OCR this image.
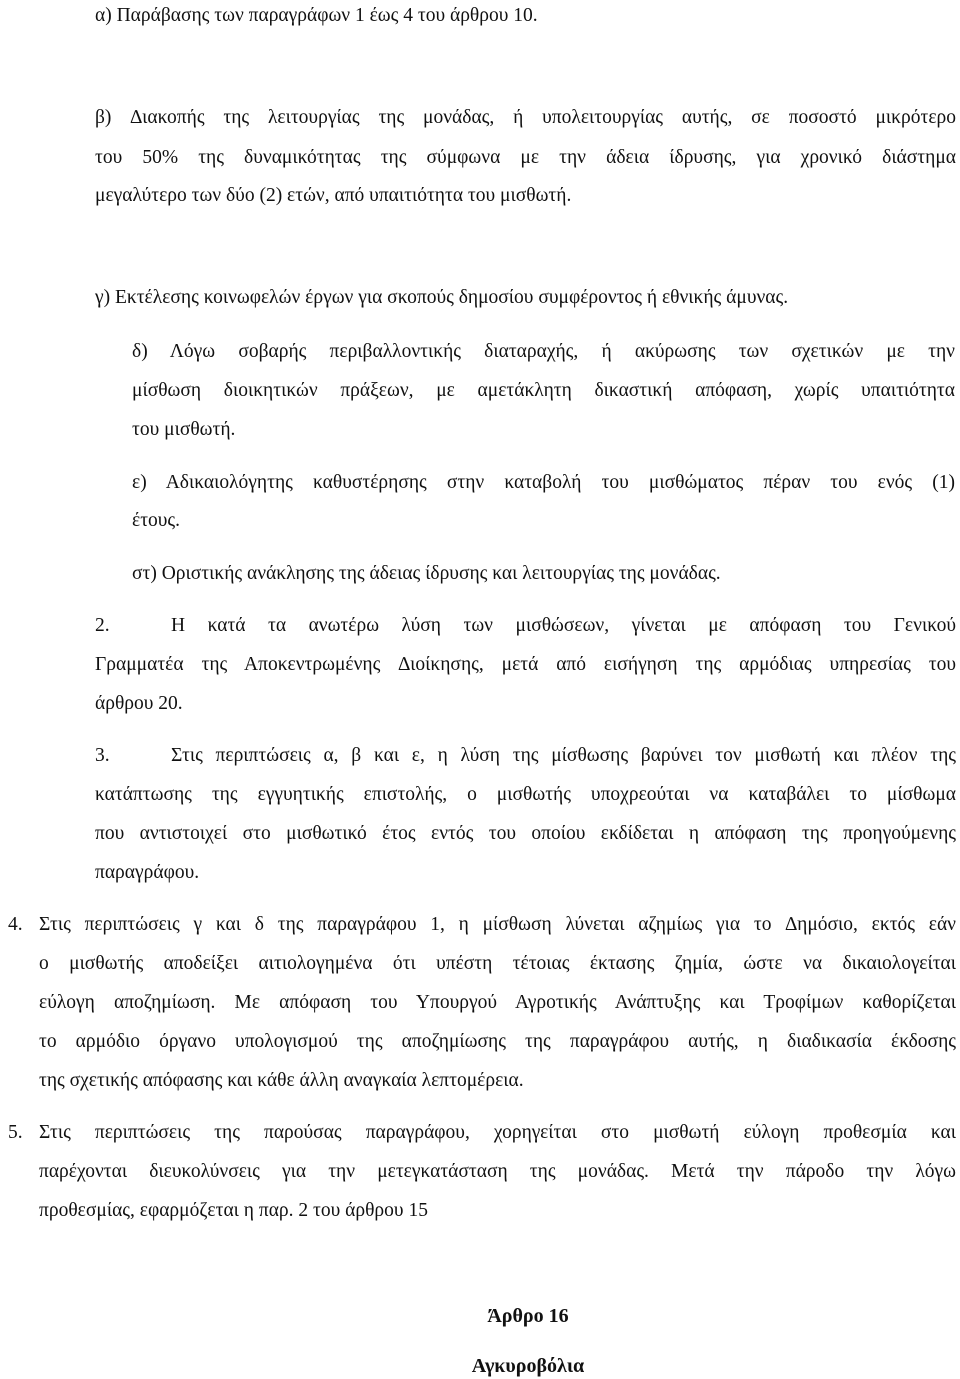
α) Παράβασης των παραγράφων 1 έως 4 του άρθρου 10.
β) ∆ιακοπής της λειτουργίας της μονάδας, ή υπολειτουργίας αυτής, σε ποσοστό μικρότερο
του 50% της δυναμικότητας της σύμφωνα με την άδεια ίδρυσης, για χρονικό διάστημα
μεγαλύτερο των δύο (2) ετών, από υπαιτιότητα του μισθωτή.
γ) Εκτέλεσης κοινωφελών έργων για σκοπούς δημοσίου συμφέροντος ή εθνικής άμυνας.
δ) Λόγω σοβαρής περιβαλλοντικής διαταραχής, ή ακύρωσης των σχετικών με την
μίσθωση διοικητικών πράξεων, με αμετάκλητη δικαστική απόφαση, χωρίς υπαιτιότητα
του μισθωτή.
ε) Αδικαιολόγητης καθυστέρησης στην καταβολή του μισθώματος πέραν του ενός (1)
έτους.
στ) Οριστικής ανάκλησης της άδειας ίδρυσης και λειτουργίας της μονάδας.
2.	Η κατά τα ανωτέρω λύση των μισθώσεων, γίνεται με απόφαση του Γενικού
Γραμματέα της Αποκεντρωμένης ∆ιοίκησης, μετά από εισήγηση της αρμόδιας υπηρεσίας του
άρθρου 20.
3.	Στις περιπτώσεις α, β και ε, η λύση της μίσθωσης βαρύνει τον μισθωτή και πλέον της
κατάπτωσης της εγγυητικής επιστολής, ο μισθωτής υποχρεούται να καταβάλει το μίσθωμα
που αντιστοιχεί στο μισθωτικό έτος εντός του οποίου εκδίδεται η απόφαση της προηγούμενης
παραγράφου.
4. Στις περιπτώσεις γ και δ της παραγράφου 1, η μίσθωση λύνεται αζημίως για το ∆ημόσιο, εκτός εάν
ο μισθωτής αποδείξει αιτιολογημένα ότι υπέστη τέτοιας έκτασης ζημία, ώστε να δικαιολογείται
εύλογη αποζημίωση. Με απόφαση του Υπουργού Αγροτικής Ανάπτυξης και Τροφίμων καθορίζεται
το αρμόδιο όργανο υπολογισμού της αποζημίωσης της παραγράφου αυτής, η διαδικασία έκδοσης
της σχετικής απόφασης και κάθε άλλη αναγκαία λεπτομέρεια.
5. Στις περιπτώσεις της παρούσας παραγράφου, χορηγείται στο μισθωτή εύλογη προθεσμία και
παρέχονται διευκολύνσεις για την μετεγκατάσταση της μονάδας. Μετά την πάροδο την λόγω
προθεσμίας, εφαρμόζεται η παρ. 2 του άρθρου 15
Άρθρο 16
Αγκυροβόλια
